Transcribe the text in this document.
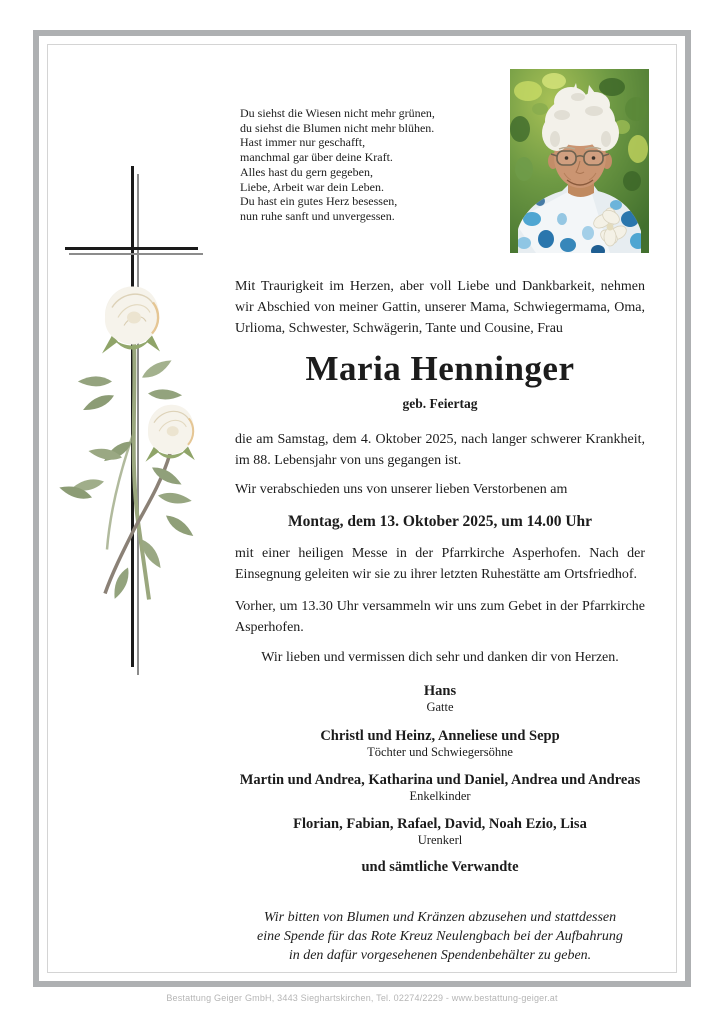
Du siehst die Wiesen nicht mehr grünen,
du siehst die Blumen nicht mehr blühen.
Hast immer nur geschafft,
manchmal gar über deine Kraft.
Alles hast du gern gegeben,
Liebe, Arbeit war dein Leben.
Du hast ein gutes Herz besessen,
nun ruhe sanft und unvergessen.
Mit Traurigkeit im Herzen, aber voll Liebe und Dankbarkeit, nehmen
wir Abschied von meiner Gattin, unserer Mama, Schwiegermama, Oma,
Urlioma, Schwester, Schwägerin, Tante und Cousine, Frau
Maria Henninger
geb. Feiertag
die am Samstag, dem 4. Oktober 2025, nach langer schwerer Krankheit,
im 88. Lebensjahr von uns gegangen ist.
Wir verabschieden uns von unserer lieben Verstorbenen am
Montag, dem 13. Oktober 2025, um 14.00 Uhr
mit einer heiligen Messe in der Pfarrkirche Asperhofen. Nach der
Einsegnung geleiten wir sie zu ihrer letzten Ruhestätte am Ortsfriedhof.
Vorher, um 13.30 Uhr versammeln wir uns zum Gebet in der Pfarrkirche
Asperhofen.
Wir lieben und vermissen dich sehr und danken dir von Herzen.
Hans
Gatte
Christl und Heinz, Anneliese und Sepp
Töchter und Schwiegersöhne
Martin und Andrea, Katharina und Daniel, Andrea und Andreas
Enkelkinder
Florian, Fabian, Rafael, David, Noah Ezio, Lisa
Urenkerl
und sämtliche Verwandte
Wir bitten von Blumen und Kränzen abzusehen und stattdessen
eine Spende für das Rote Kreuz Neulengbach bei der Aufbahrung
in den dafür vorgesehenen Spendenbehälter zu geben.
Bestattung Geiger GmbH, 3443 Sieghartskirchen, Tel. 02274/2229 - www.bestattung-geiger.at
